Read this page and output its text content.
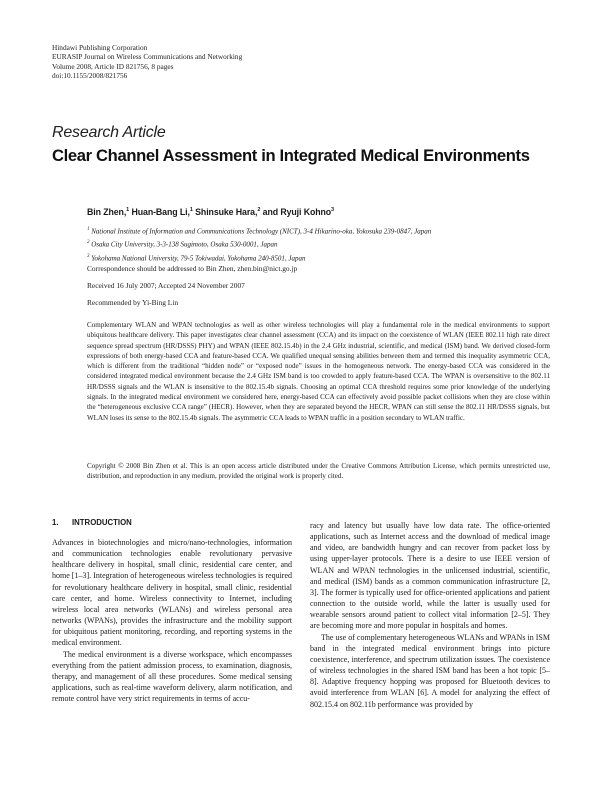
Hindawi Publishing Corporation
EURASIP Journal on Wireless Communications and Networking
Volume 2008, Article ID 821756, 8 pages
doi:10.1155/2008/821756
Research Article
Clear Channel Assessment in Integrated Medical Environments
Bin Zhen,$^1$ Huan-Bang Li,$^1$ Shinsuke Hara,$^2$ and Ryuji Kohno$^3$
$^1$ National Institute of Information and Communications Technology (NICT), 3-4 Hikarino-oka, Yokosuka 239-0847, Japan
$^2$ Osaka City University, 3-3-138 Sugimoto, Osaka 530-0001, Japan
$^3$ Yokohama National University, 79-5 Tokiwadai, Yokohama 240-8501, Japan
Correspondence should be addressed to Bin Zhen, zhen.bin@nict.go.jp
Received 16 July 2007; Accepted 24 November 2007
Recommended by Yi-Bing Lin
Complementary WLAN and WPAN technologies as well as other wireless technologies will play a fundamental role in the medical environments to support ubiquitous healthcare delivery. This paper investigates clear channel assessment (CCA) and its impact on the coexistence of WLAN (IEEE 802.11 high rate direct sequence spread spectrum (HR/DSSS) PHY) and WPAN (IEEE 802.15.4b) in the 2.4 GHz industrial, scientific, and medical (ISM) band. We derived closed-form expressions of both energy-based CCA and feature-based CCA. We qualified unequal sensing abilities between them and termed this inequality asymmetric CCA, which is different from the traditional “hidden node” or “exposed node” issues in the homogeneous network. The energy-based CCA was considered in the considered integrated medical environment because the 2.4 GHz ISM band is too crowded to apply feature-based CCA. The WPAN is oversensitive to the 802.11 HR/DSSS signals and the WLAN is insensitive to the 802.15.4b signals. Choosing an optimal CCA threshold requires some prior knowledge of the underlying signals. In the integrated medical environment we considered here, energy-based CCA can effectively avoid possible packet collisions when they are close within the “heterogeneous exclusive CCA range” (HECR). However, when they are separated beyond the HECR, WPAN can still sense the 802.11 HR/DSSS signals, but WLAN loses its sense to the 802.15.4b signals. The asymmetric CCA leads to WPAN traffic in a position secondary to WLAN traffic.
Copyright © 2008 Bin Zhen et al. This is an open access article distributed under the Creative Commons Attribution License, which permits unrestricted use, distribution, and reproduction in any medium, provided the original work is properly cited.
1. INTRODUCTION

Advances in biotechnologies and micro/nano-technologies, information and communication technologies enable revolutionary pervasive healthcare delivery in hospital, small clinic, residential care center, and home [1–3]. Integration of heterogeneous wireless technologies is required for revolutionary healthcare delivery in hospital, small clinic, residential care center, and home. Wireless connectivity to Internet, including wireless local area networks (WLANs) and wireless personal area networks (WPANs), provides the infrastructure and the mobility support for ubiquitous patient monitoring, recording, and reporting systems in the medical environment.

The medical environment is a diverse workspace, which encompasses everything from the patient admission process, to examination, diagnosis, therapy, and management of all these procedures. Some medical sensing applications, such as real-time waveform delivery, alarm notification, and remote control have very strict requirements in terms of accu-

racy and latency but usually have low data rate. The office-oriented applications, such as Internet access and the download of medical image and video, are bandwidth hungry and can recover from packet loss by using upper-layer protocols. There is a desire to use IEEE version of WLAN and WPAN technologies in the unlicensed industrial, scientific, and medical (ISM) bands as a common communication infrastructure [2, 3]. The former is typically used for office-oriented applications and patient connection to the outside world, while the latter is usually used for wearable sensors around patient to collect vital information [2–5]. They are becoming more and more popular in hospitals and homes.

The use of complementary heterogeneous WLANs and WPANs in ISM band in the integrated medical environment brings into picture coexistence, interference, and spectrum utilization issues. The coexistence of wireless technologies in the shared ISM band has been a hot topic [5–8]. Adaptive frequency hopping was proposed for Bluetooth devices to avoid interference from WLAN [6]. A model for analyzing the effect of 802.15.4 on 802.11b performance was provided by
